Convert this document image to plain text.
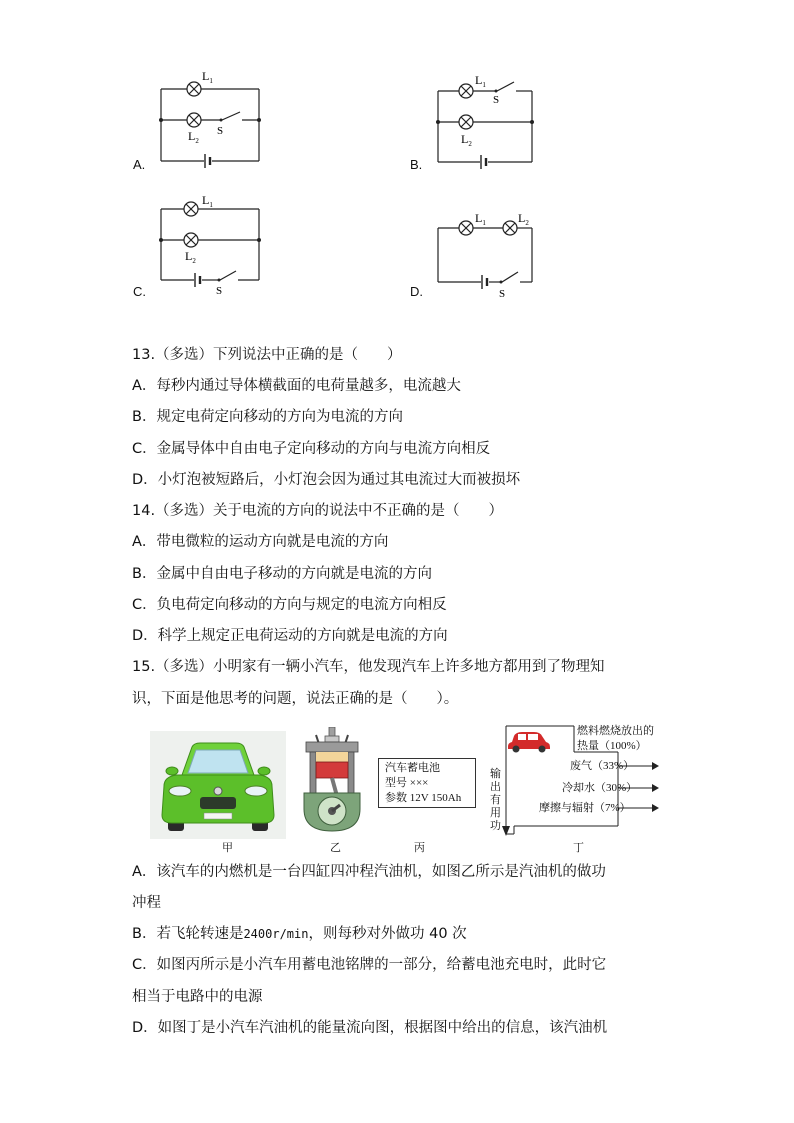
A.
$L_1$
$L_2$
S
B.
$L_1$
$L_2$
S
C.
$L_1$
$L_2$
S	D.
$L_1$	$L_2$
S
13.（多选）下列说法中正确的是（　　）
A．每秒内通过导体横截面的电荷量越多，电流越大
B．规定电荷定向移动的方向为电流的方向
C．金属导体中自由电子定向移动的方向与电流方向相反
D．小灯泡被短路后，小灯泡会因为通过其电流过大而被损坏
14.（多选）关于电流的方向的说法中不正确的是（　　）
A．带电微粒的运动方向就是电流的方向
B．金属中自由电子移动的方向就是电流的方向
C．负电荷定向移动的方向与规定的电流方向相反
D．科学上规定正电荷运动的方向就是电流的方向
15.（多选）小明家有一辆小汽车，他发现汽车上许多地方都用到了物理知
识，下面是他思考的问题，说法正确的是（　　）。
甲	乙
汽车蓄电池
型号 ×××
参数 12V 150Ah
丙
燃料燃烧放出的
热量（100%）
废气（33%）
冷却水（30%）
摩擦与辐射（7%）
输出有用功
丁
A．该汽车的内燃机是一台四缸四冲程汽油机，如图乙所示是汽油机的做功
冲程
B．若飞轮转速是2400r/min，则每秒对外做功 40 次
C．如图丙所示是小汽车用蓄电池铭牌的一部分，给蓄电池充电时，此时它
相当于电路中的电源
D．如图丁是小汽车汽油机的能量流向图，根据图中给出的信息，该汽油机
